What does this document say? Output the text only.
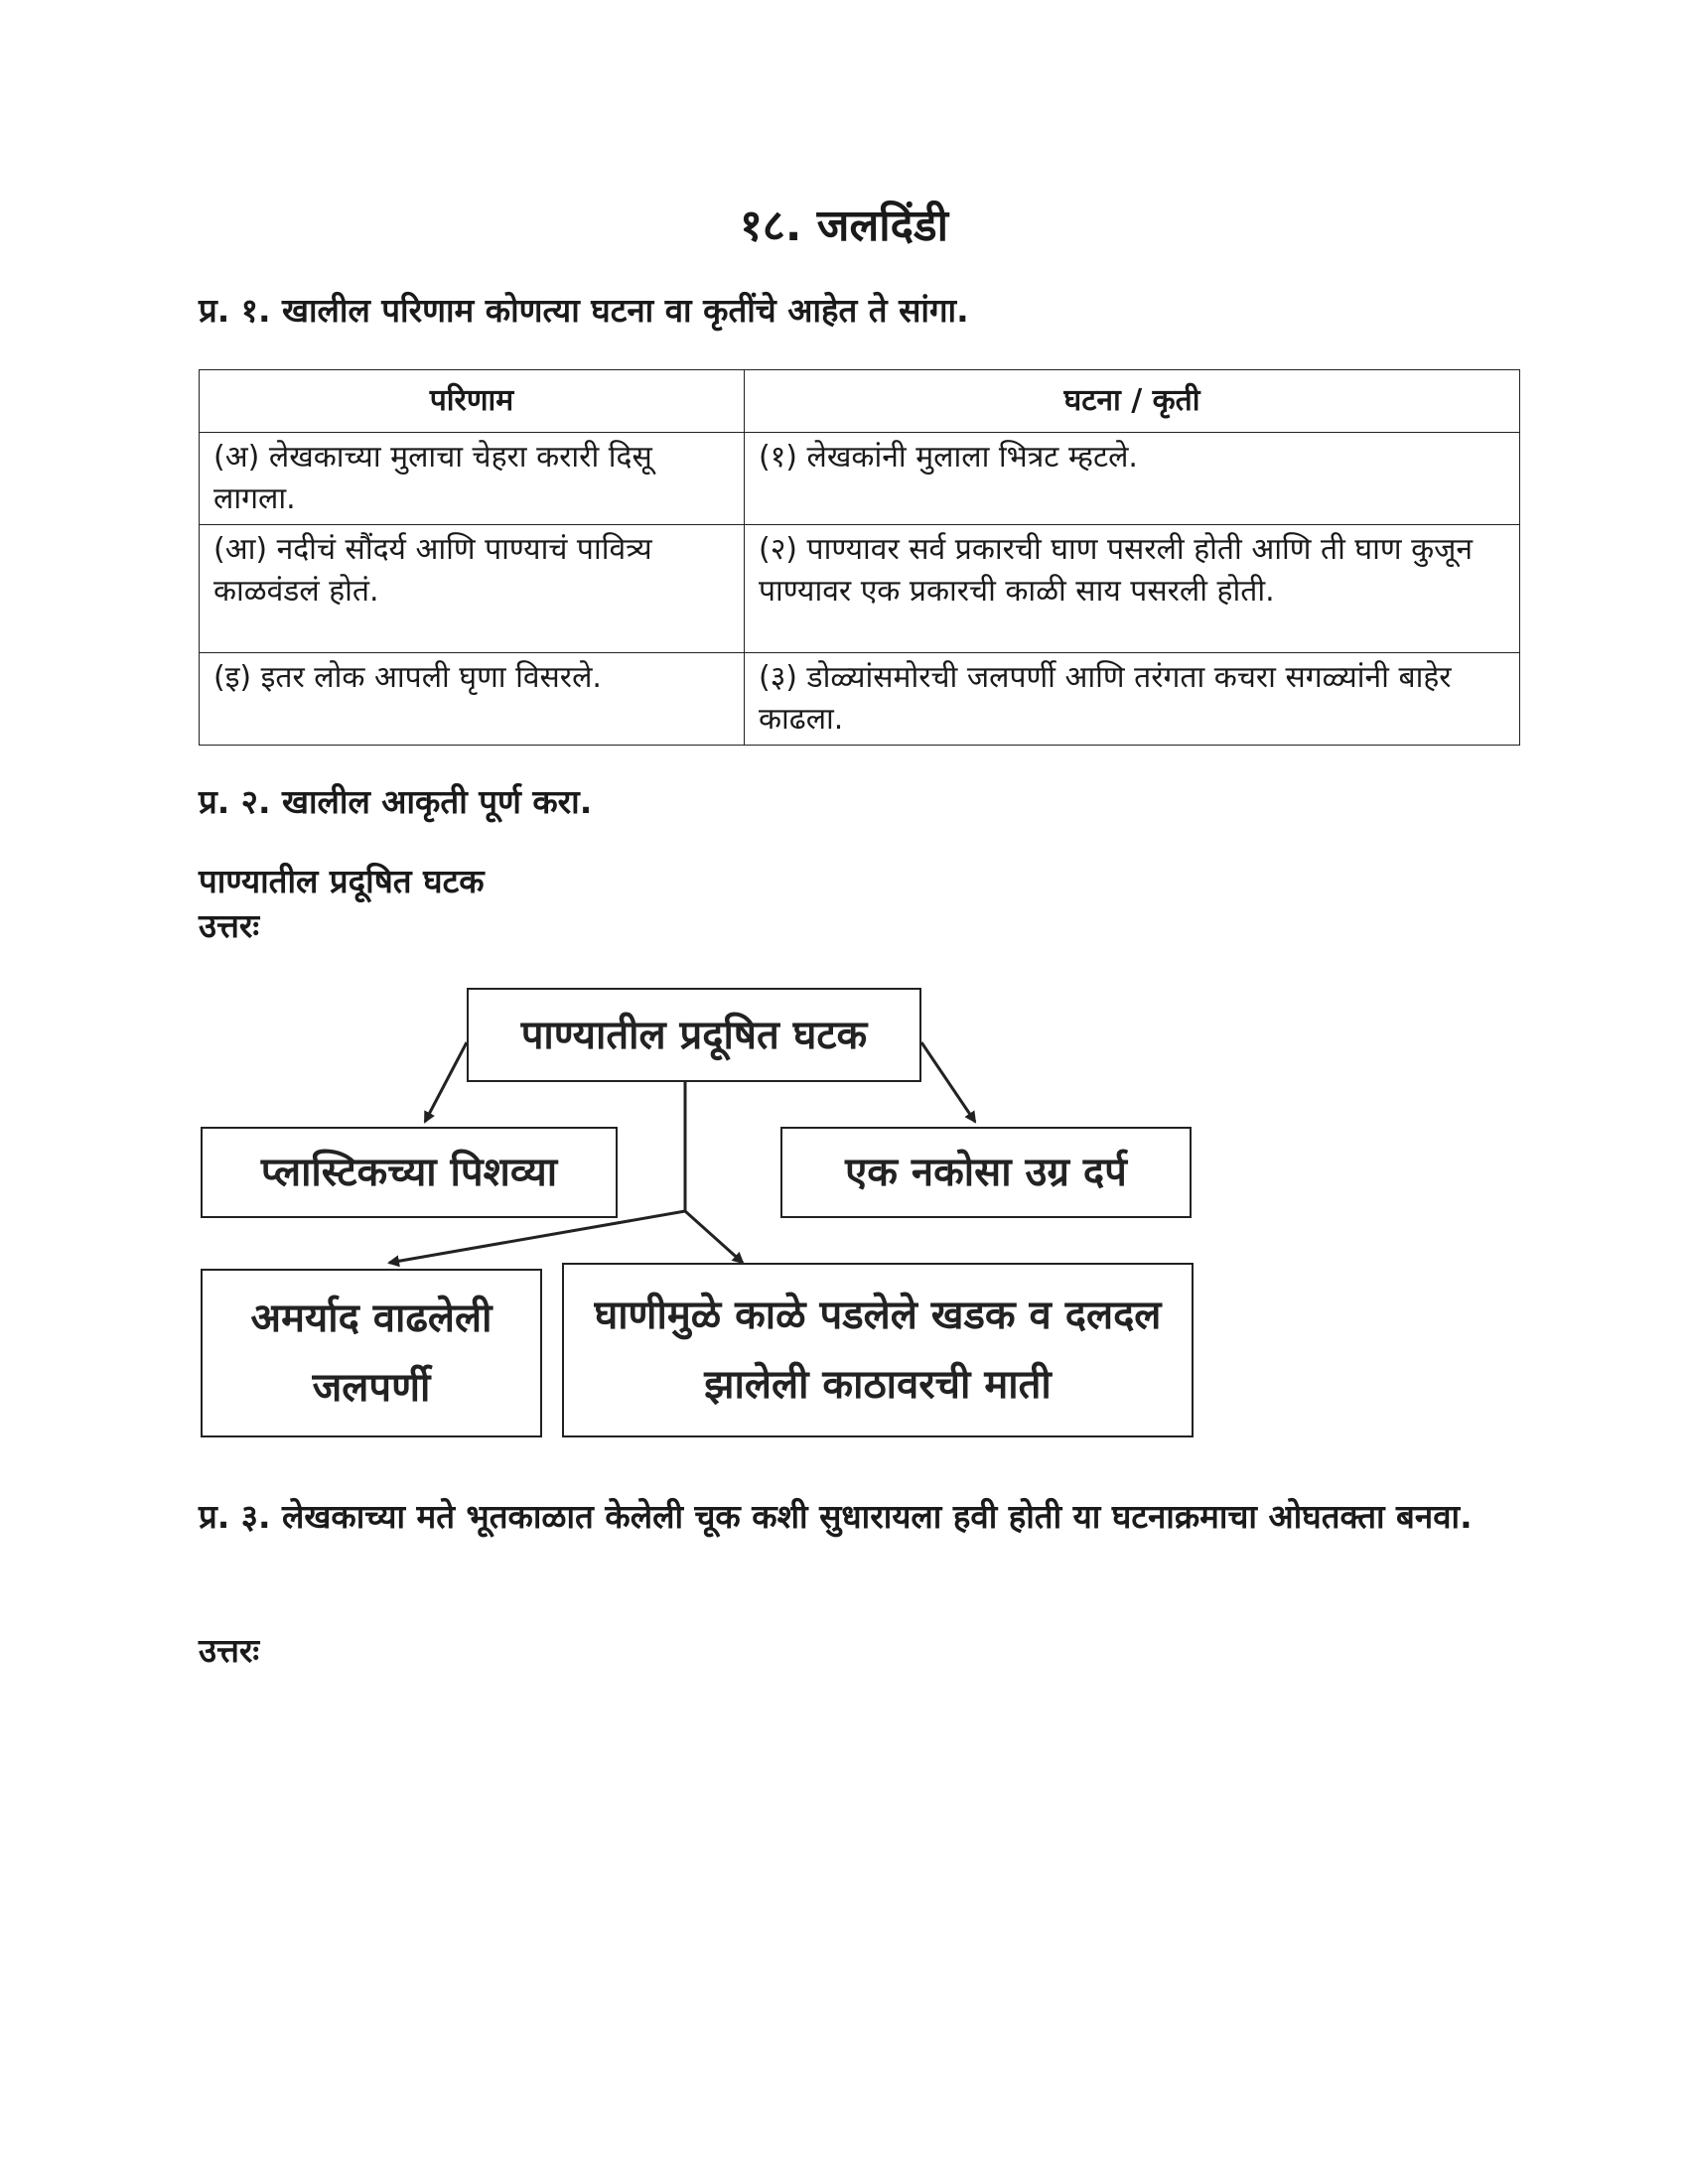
१८. जलदिंडी
प्र. १. खालील परिणाम कोणत्या घटना वा कृतींचे आहेत ते सांगा.
परिणाम	घटना / कृती
(अ) लेखकाच्या मुलाचा चेहरा करारी दिसू लागला.	(१) लेखकांनी मुलाला भित्रट म्हटले.
(आ) नदीचं सौंदर्य आणि पाण्याचं पावित्र्य काळवंडलं होतं.	(२) पाण्यावर सर्व प्रकारची घाण पसरली होती आणि ती घाण कुजून पाण्यावर एक प्रकारची काळी साय पसरली होती.
(इ) इतर लोक आपली घृणा विसरले.	(३) डोळ्यांसमोरची जलपर्णी आणि तरंगता कचरा सगळ्यांनी बाहेर काढला.
प्र. २. खालील आकृती पूर्ण करा.
पाण्यातील प्रदूषित घटक
उत्तरः
पाण्यातील प्रदूषित घटक
प्लास्टिकच्या पिशव्या	एक नकोसा उग्र दर्प
अमर्याद वाढलेली जलपर्णी
घाणीमुळे काळे पडलेले खडक व दलदल झालेली काठावरची माती
प्र. ३. लेखकाच्या मते भूतकाळात केलेली चूक कशी सुधारायला हवी होती या घटनाक्रमाचा ओघतक्ता बनवा.
उत्तरः
